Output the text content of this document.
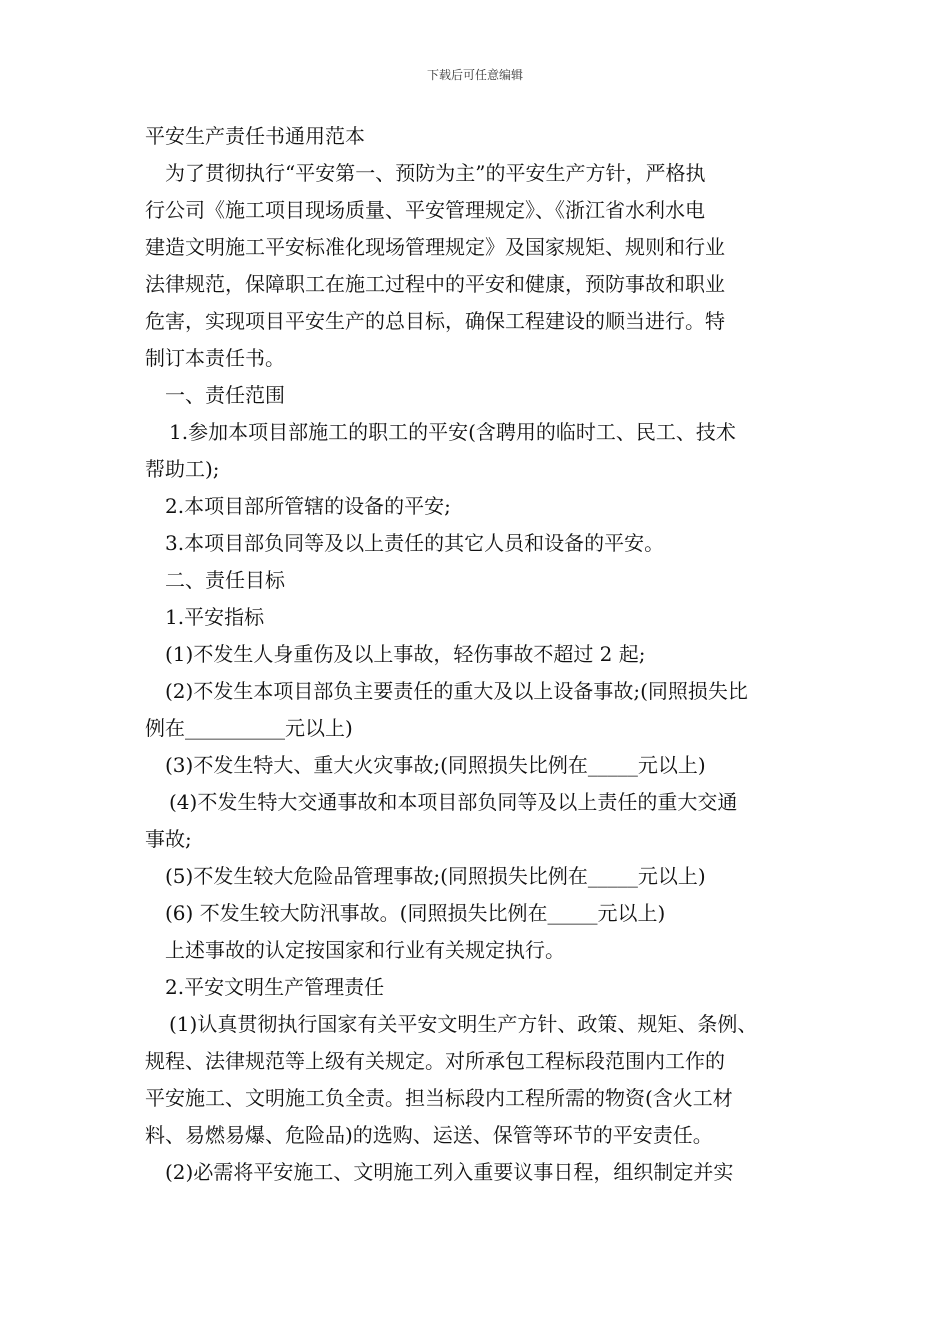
下载后可任意编辑

平安生产责任书通用范本

为了贯彻执行“平安第一、预防为主”的平安生产方针，严格执

行公司《施工项目现场质量、平安管理规定》、《浙江省水利水电

建造文明施工平安标准化现场管理规定》及国家规矩、规则和行业

法律规范，保障职工在施工过程中的平安和健康，预防事故和职业

危害，实现项目平安生产的总目标，确保工程建设的顺当进行。特

制订本责任书。

一、责任范围

1.参加本项目部施工的职工的平安(含聘用的临时工、民工、技术

帮助工);

2.本项目部所管辖的设备的平安;

3.本项目部负同等及以上责任的其它人员和设备的平安。

二、责任目标

1.平安指标

(1)不发生人身重伤及以上事故，轻伤事故不超过 2 起;

(2)不发生本项目部负主要责任的重大及以上设备事故;(同照损失比

例在__________元以上)

(3)不发生特大、重大火灾事故;(同照损失比例在_____元以上)

(4)不发生特大交通事故和本项目部负同等及以上责任的重大交通

事故;

(5)不发生较大危险品管理事故;(同照损失比例在_____元以上)

(6) 不发生较大防汛事故。(同照损失比例在_____元以上)

上述事故的认定按国家和行业有关规定执行。

2.平安文明生产管理责任

(1)认真贯彻执行国家有关平安文明生产方针、政策、规矩、条例、

规程、法律规范等上级有关规定。对所承包工程标段范围内工作的

平安施工、文明施工负全责。担当标段内工程所需的物资(含火工材

料、易燃易爆、危险品)的选购、运送、保管等环节的平安责任。

(2)必需将平安施工、文明施工列入重要议事日程，组织制定并实
